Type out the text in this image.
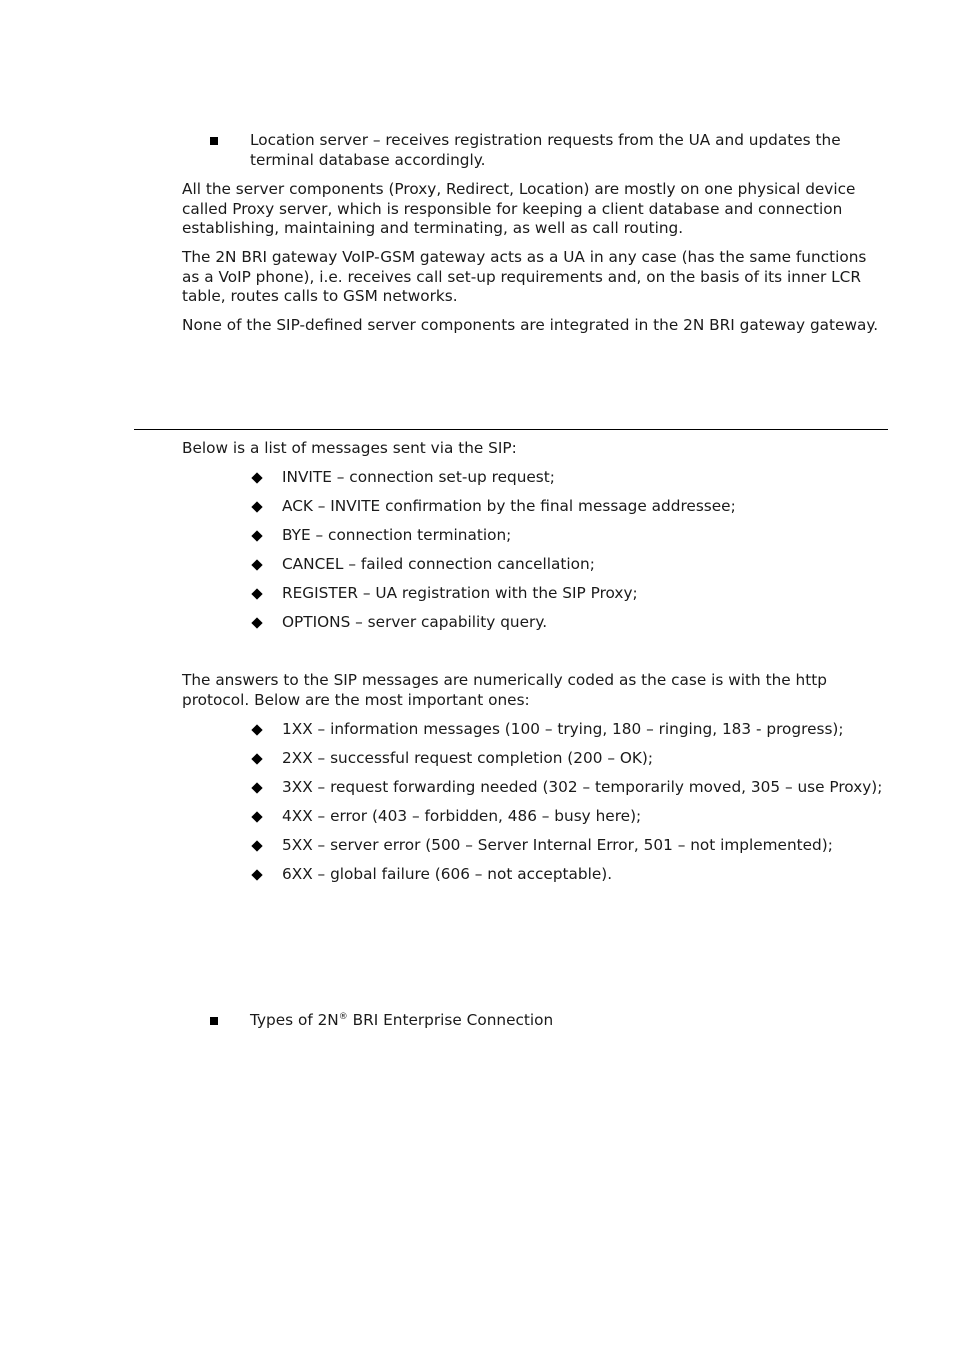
Location server – receives registration requests from the UA and updates the terminal database accordingly.

All the server components (Proxy, Redirect, Location) are mostly on one physical device called Proxy server, which is responsible for keeping a client database and connection establishing, maintaining and terminating, as well as call routing.

The 2N BRI gateway VoIP-GSM gateway acts as a UA in any case (has the same functions as a VoIP phone), i.e. receives call set-up requirements and, on the basis of its inner LCR table, routes calls to GSM networks.

None of the SIP-defined server components are integrated in the 2N BRI gateway gateway.

Below is a list of messages sent via the SIP:

INVITE – connection set-up request;
ACK – INVITE confirmation by the final message addressee;
BYE – connection termination;
CANCEL – failed connection cancellation;
REGISTER – UA registration with the SIP Proxy;
OPTIONS – server capability query.

The answers to the SIP messages are numerically coded as the case is with the http protocol. Below are the most important ones:

1XX – information messages (100 – trying, 180 – ringing, 183 - progress);
2XX – successful request completion (200 – OK);
3XX – request forwarding needed (302 – temporarily moved, 305 – use Proxy);
4XX – error (403 – forbidden, 486 – busy here);
5XX – server error (500 – Server Internal Error, 501 – not implemented);
6XX – global failure (606 – not acceptable).
Types of 2N® BRI Enterprise Connection
